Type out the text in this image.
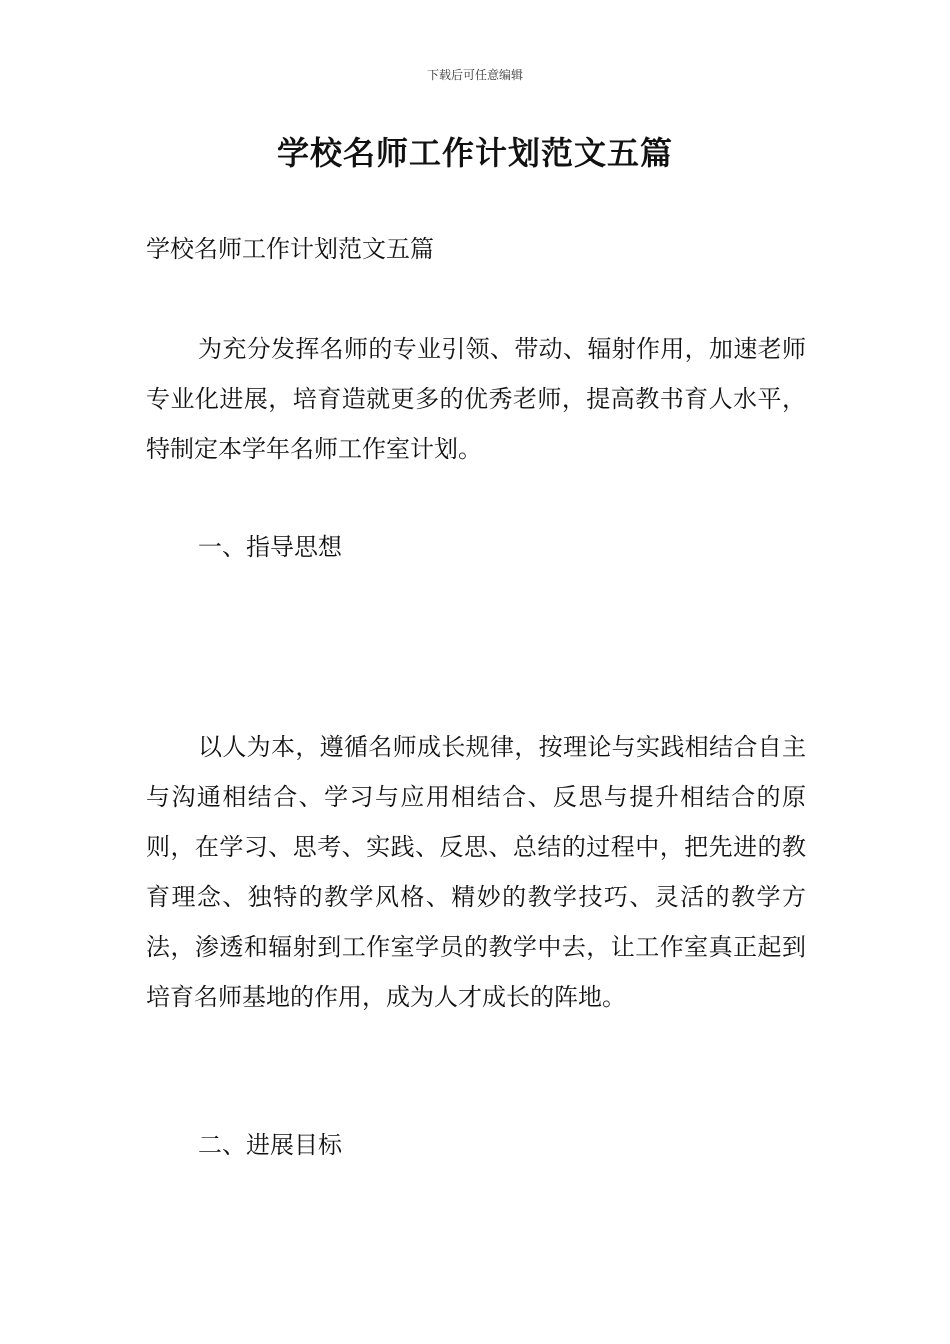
下载后可任意编辑
学校名师工作计划范文五篇

学校名师工作计划范文五篇

为充分发挥名师的专业引领、带动、辐射作用，加速老师专业化进展，培育造就更多的优秀老师，提高教书育人水平，特制定本学年名师工作室计划。

一、指导思想

以人为本，遵循名师成长规律，按理论与实践相结合自主与沟通相结合、学习与应用相结合、反思与提升相结合的原则，在学习、思考、实践、反思、总结的过程中，把先进的教育理念、独特的教学风格、精妙的教学技巧、灵活的教学方法，渗透和辐射到工作室学员的教学中去，让工作室真正起到培育名师基地的作用，成为人才成长的阵地。

二、进展目标
